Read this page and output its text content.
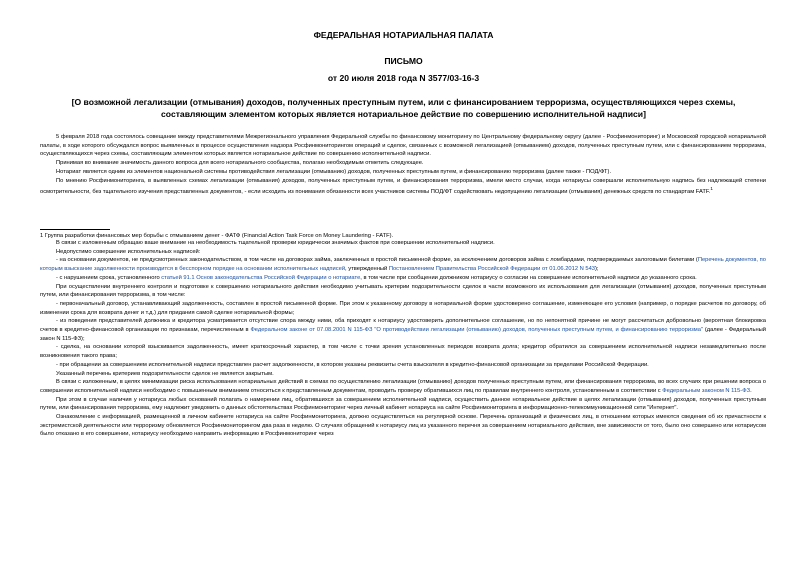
ФЕДЕРАЛЬНАЯ НОТАРИАЛЬНАЯ ПАЛАТА
ПИСЬМО
от 20 июля 2018 года N 3577/03-16-3
[О возможной легализации (отмывания) доходов, полученных преступным путем, или с финансированием терроризма, осуществляющихся через схемы, составляющим элементом которых является нотариальное действие по совершению исполнительной надписи]

5 февраля 2018 года состоялось совещание между представителями Межрегионального управления Федеральной службы по финансовому мониторингу по Центральному федеральному округу (далее - Росфинмониторинг) и Московской городской нотариальной палаты, в ходе которого обсуждался вопрос выявленных в процессе осуществления надзора Росфинмониторингом операций и сделок, связанных с возможной легализацией (отмыванием) доходов, полученных преступным путем, или с финансированием терроризма, осуществляющихся через схемы, составляющим элементом которых является нотариальное действие по совершению исполнительной надписи.

Принимая во внимание значимость данного вопроса для всего нотариального сообщества, полагаю необходимым отметить следующее.

Нотариат является одним из элементов национальной системы противодействия легализации (отмыванию) доходов, полученных преступным путем, и финансированию терроризма (далее также - ПОД/ФТ).

По мнению Росфинмониторинга, в выявленных схемах легализации (отмывания) доходов, полученных преступным путем, и финансирования терроризма, имели место случаи, когда нотариусы совершали исполнительную надпись без надлежащей степени осмотрительности, без тщательного изучения представленных документов, - если исходить из понимания обязанности всех участников системы ПОД/ФТ содействовать недопущению легализации (отмывания) денежных средств по стандартам FATF.$^1$

1 Группа разработки финансовых мер борьбы с отмыванием денег - ФАТФ (Financial Action Task Force on Money Laundering - FATF).

В связи с изложенным обращаю ваше внимание на необходимость тщательной проверки юридически значимых фактов при совершении исполнительной надписи.

Недопустимо совершение исполнительных надписей:

- на основании документов, не предусмотренных законодательством, в том числе на договорах займа, заключенных в простой письменной форме, за исключением договоров займа с ломбардами, подтверждаемых залоговыми билетами (Перечень документов, по которым взыскание задолженности производится в бесспорном порядке на основании исполнительных надписей, утвержденный Постановлением Правительства Российской Федерации от 01.06.2012 N 543);

- с нарушением срока, установленного статьей 91.1 Основ законодательства Российской Федерации о нотариате, в том числе при сообщении должником нотариусу о согласии на совершение исполнительной надписи до указанного срока.

При осуществлении внутреннего контроля и подготовке к совершению нотариального действия необходимо учитывать критерии подозрительности сделок в части возможного их использования для легализации (отмывания) доходов, полученных преступным путем, или финансирования терроризма, в том числе:

- первоначальный договор, устанавливающий задолженность, составлен в простой письменной форме. При этом к указанному договору в нотариальной форме удостоверено соглашение, изменяющее его условия (например, о порядке расчетов по договору, об изменении срока для возврата денег и т.д.) для придания самой сделке нотариальной формы;

- из поведения представителей должника и кредитора усматривается отсутствие спора между ними, оба приходят к нотариусу удостоверить дополнительное соглашение, но по непонятной причине не могут рассчитаться добровольно (вероятная блокировка счетов в кредитно-финансовой организации по признакам, перечисленным в Федеральном законе от 07.08.2001 N 115-ФЗ "О противодействии легализации (отмыванию) доходов, полученных преступным путем, и финансированию терроризма" (далее - Федеральный закон N 115-ФЗ);

- сделка, на основании которой взыскивается задолженность, имеет краткосрочный характер, в том числе с точки зрения установленных периодов возврата долга; кредитор обратился за совершением исполнительной надписи незамедлительно после возникновения такого права;

- при обращении за совершением исполнительной надписи представлен расчет задолженности, в котором указаны реквизиты счета взыскателя в кредитно-финансовой организации за пределами Российской Федерации.

Указанный перечень критериев подозрительности сделок не является закрытым.

В связи с изложенным, в целях минимизации риска использования нотариальных действий в схемах по осуществлению легализации (отмыванию) доходов полученных преступным путем, или финансирования терроризма, во всех случаях при решении вопроса о совершении исполнительной надписи необходимо с повышенным вниманием относиться к представленным документам, проводить проверку обратившихся лиц по правилам внутреннего контроля, установленным в соответствии с Федеральным законом N 115-ФЗ.

При этом в случае наличия у нотариуса любых оснований полагать о намерении лиц, обратившихся за совершением исполнительной надписи, осуществить данное нотариальное действие в целях легализации (отмывания) доходов, полученных преступным путем, или финансирования терроризма, ему надлежит уведомить о данных обстоятельствах Росфинмониторинг через личный кабинет нотариуса на сайте Росфинмониторинга в информационно-телекоммуникационной сети "Интернет".

Ознакомление с информацией, размещенной в личном кабинете нотариуса на сайте Росфинмониторинга, должно осуществляться на регулярной основе. Перечень организаций и физических лиц, в отношении которых имеются сведения об их причастности к экстремистской деятельности или терроризму обновляется Росфинмониторингом два раза в неделю. О случаях обращений к нотариусу лиц из указанного перечня за совершением нотариального действия, вне зависимости от того, было оно совершено или нотариусом было отказано в его совершении, нотариусу необходимо направить информацию в Росфинмониторинг через
